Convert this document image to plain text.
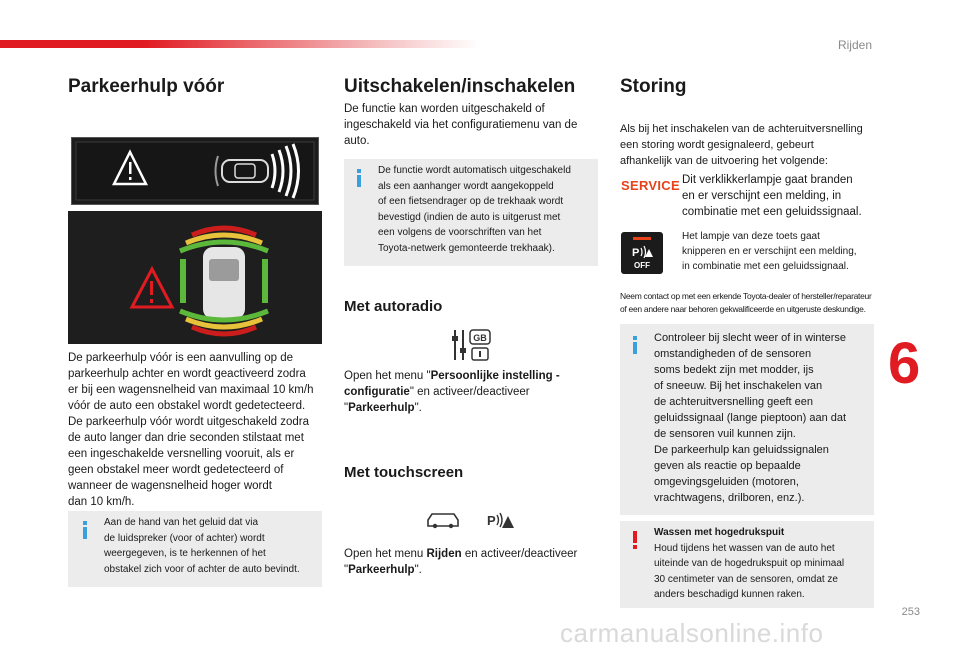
Rijden
253
6
carmanualsonline.info
Parkeerhulp vóór
De parkeerhulp vóór is een aanvulling op de
parkeerhulp achter en wordt geactiveerd zodra
er bij een wagensnelheid van maximaal 10 km/h
vóór de auto een obstakel wordt gedetecteerd.
De parkeerhulp vóór wordt uitgeschakeld zodra
de auto langer dan drie seconden stilstaat met
een ingeschakelde versnelling vooruit, als er
geen obstakel meer wordt gedetecteerd of
wanneer de wagensnelheid hoger wordt
dan 10 km/h.
Aan de hand van het geluid dat via
de luidspreker (voor of achter) wordt
weergegeven, is te herkennen of het
obstakel zich voor of achter de auto bevindt.
Uitschakelen/inschakelen
De functie kan worden uitgeschakeld of
ingeschakeld via het configuratiemenu van de
auto.
De functie wordt automatisch uitgeschakeld
als een aanhanger wordt aangekoppeld
of een fietsendrager op de trekhaak wordt
bevestigd (indien de auto is uitgerust met
een volgens de voorschriften van het
Toyota-netwerk gemonteerde trekhaak).
Met autoradio
GB
Open het menu "Persoonlijke instelling -
configuratie" en activeer/deactiveer
"Parkeerhulp".
Met touchscreen
P
Open het menu Rijden en activeer/deactiveer
"Parkeerhulp".
Storing
Als bij het inschakelen van de achteruitversnelling
een storing wordt gesignaleerd, gebeurt
afhankelijk van de uitvoering het volgende:
SERVICE Dit verklikkerlampje gaat branden
en er verschijnt een melding, in
combinatie met een geluidssignaal.
P
OFF
Het lampje van deze toets gaat
knipperen en er verschijnt een melding,
in combinatie met een geluidssignaal.
Neem contact op met een erkende Toyota-dealer of hersteller/reparateur
of een andere naar behoren gekwalificeerde en uitgeruste deskundige.
Controleer bij slecht weer of in winterse
omstandigheden of de sensoren
soms bedekt zijn met modder, ijs
of sneeuw. Bij het inschakelen van
de achteruitversnelling geeft een
geluidssignaal (lange pieptoon) aan dat
de sensoren vuil kunnen zijn.
De parkeerhulp kan geluidssignalen
geven als reactie op bepaalde
omgevingsgeluiden (motoren,
vrachtwagens, drilboren, enz.).
Wassen met hogedrukspuit
Houd tijdens het wassen van de auto het
uiteinde van de hogedrukspuit op minimaal
30 centimeter van de sensoren, omdat ze
anders beschadigd kunnen raken.
